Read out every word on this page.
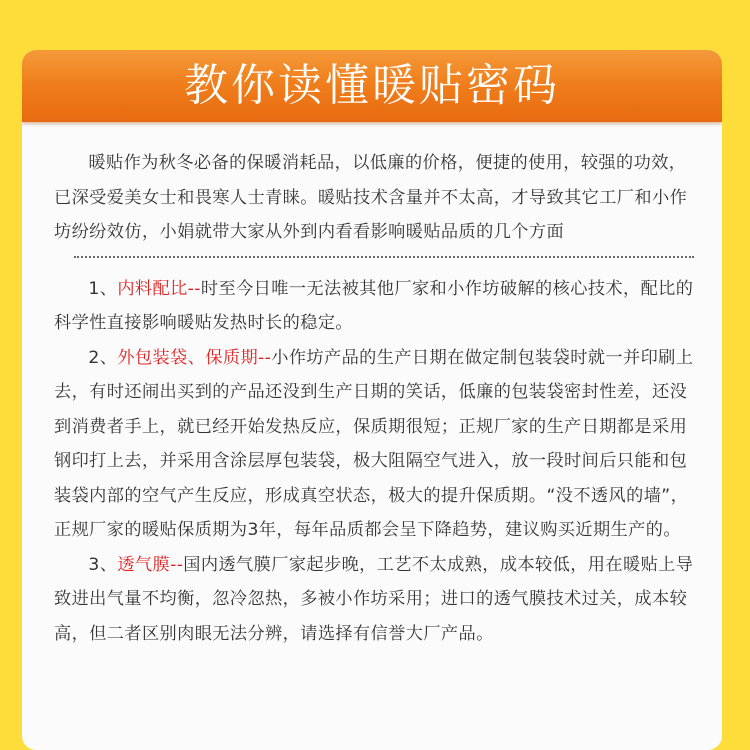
教你读懂暖贴密码

暖贴作为秋冬必备的保暖消耗品，以低廉的价格，便捷的使用，较强的功效，已深受爱美女士和畏寒人士青睐。暖贴技术含量并不太高，才导致其它工厂和小作坊纷纷效仿，小娟就带大家从外到内看看影响暖贴品质的几个方面

1、内料配比--时至今日唯一无法被其他厂家和小作坊破解的核心技术，配比的科学性直接影响暖贴发热时长的稳定。

2、外包装袋、保质期--小作坊产品的生产日期在做定制包装袋时就一并印刷上去，有时还闹出买到的产品还没到生产日期的笑话，低廉的包装袋密封性差，还没到消费者手上，就已经开始发热反应，保质期很短；正规厂家的生产日期都是采用钢印打上去，并采用含涂层厚包装袋，极大阻隔空气进入，放一段时间后只能和包装袋内部的空气产生反应，形成真空状态，极大的提升保质期。“没不透风的墙”，正规厂家的暖贴保质期为3年，每年品质都会呈下降趋势，建议购买近期生产的。

3、透气膜--国内透气膜厂家起步晚，工艺不太成熟，成本较低，用在暖贴上导致进出气量不均衡，忽冷忽热，多被小作坊采用；进口的透气膜技术过关，成本较高，但二者区别肉眼无法分辨，请选择有信誉大厂产品。
